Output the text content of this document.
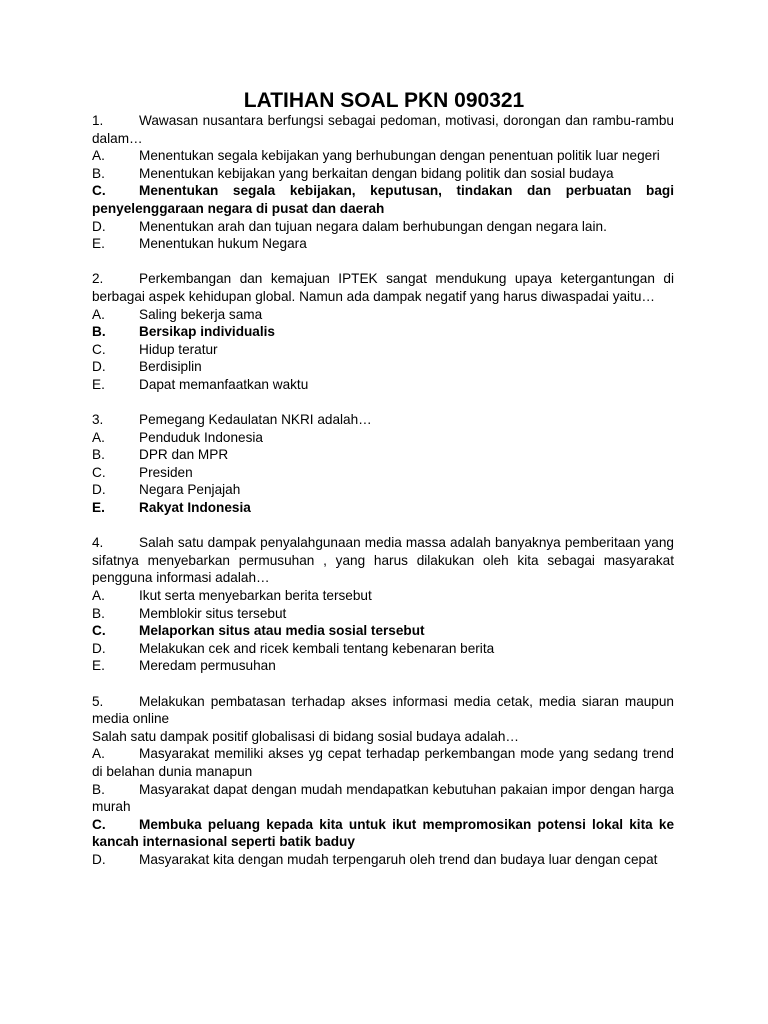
LATIHAN SOAL PKN 090321

1.	Wawasan nusantara berfungsi sebagai pedoman, motivasi, dorongan dan rambu-rambu dalam…

A.	Menentukan segala kebijakan yang berhubungan dengan penentuan politik luar negeri

B.	Menentukan kebijakan yang berkaitan dengan bidang politik dan sosial budaya

C. Menentukan segala kebijakan, keputusan, tindakan dan perbuatan bagi penyelenggaraan negara di pusat dan daerah

D. Menentukan arah dan tujuan negara dalam berhubungan dengan negara lain.

E.	Menentukan hukum Negara

2.	Perkembangan dan kemajuan IPTEK sangat mendukung upaya ketergantungan di berbagai aspek kehidupan global. Namun ada dampak negatif yang harus diwaspadai yaitu…

A.	Saling bekerja sama

B. Bersikap individualis

C. Hidup teratur

D. Berdisiplin

E.	Dapat memanfaatkan waktu

3.	Pemegang Kedaulatan NKRI adalah…

A.	Penduduk Indonesia

B.	DPR dan MPR

C. Presiden

D. Negara Penjajah

E.	Rakyat Indonesia

4.	Salah satu dampak penyalahgunaan media massa adalah banyaknya pemberitaan yang sifatnya menyebarkan permusuhan , yang harus dilakukan oleh kita sebagai masyarakat pengguna informasi adalah…

A.	Ikut serta menyebarkan berita tersebut

B.	Memblokir situs tersebut

C. Melaporkan situs atau media sosial tersebut

D. Melakukan cek and ricek kembali tentang kebenaran berita

E.	Meredam permusuhan

5.	Melakukan pembatasan terhadap akses informasi media cetak, media siaran maupun media online

Salah satu dampak positif globalisasi di bidang sosial budaya adalah…

A.	Masyarakat memiliki akses yg cepat terhadap perkembangan mode yang sedang trend di belahan dunia manapun

B.	Masyarakat dapat dengan mudah mendapatkan kebutuhan pakaian impor dengan harga murah

C. Membuka peluang kepada kita untuk ikut mempromosikan potensi lokal kita ke kancah internasional seperti batik baduy

D. Masyarakat kita dengan mudah terpengaruh oleh trend dan budaya luar dengan cepat
